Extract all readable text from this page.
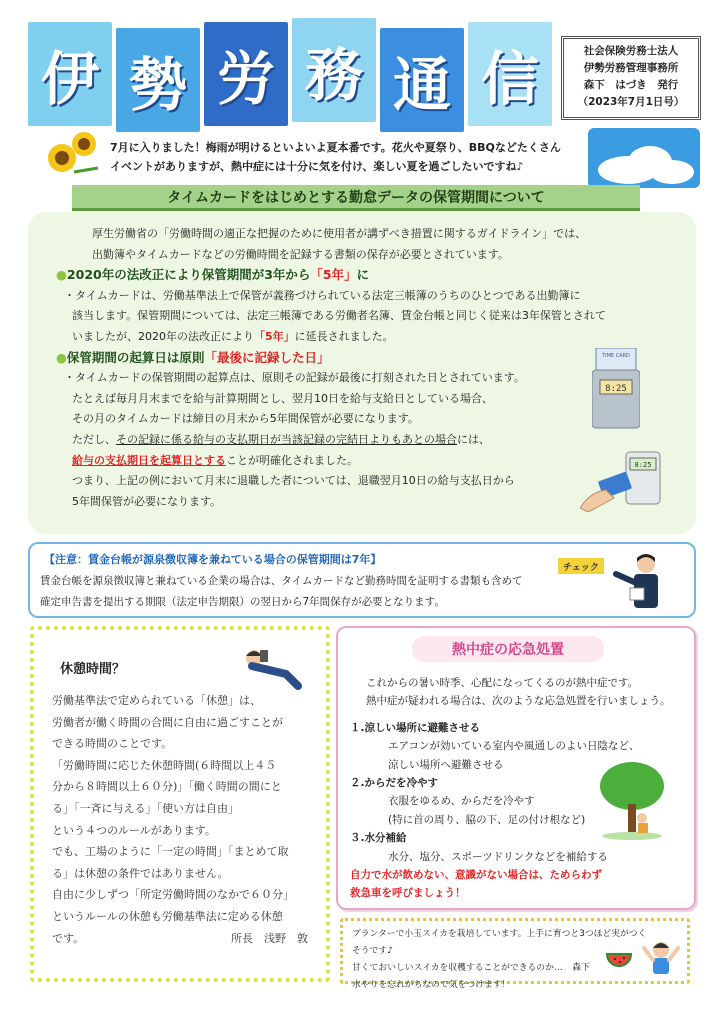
伊 勢 労 務 通 信	社会保険労務士法人
伊勢労務管理事務所
森下　はづき　発行
（2023年7月1日号）
7月に入りました！梅雨が明けるといよいよ夏本番です。花火や夏祭り、BBQなどたくさん
イベントがありますが、熱中症には十分に気を付け、楽しい夏を過ごしたいですね♪
タイムカードをはじめとする勤怠データの保管期間について

厚生労働省の「労働時間の適正な把握のために使用者が講ずべき措置に関するガイドライン」では、

出勤簿やタイムカードなどの労働時間を記録する書類の保存が必要とされています。

●2020年の法改正により保管期間が3年から「5年」に

・タイムカードは、労働基準法上で保管が義務づけられている法定三帳簿のうちのひとつである出勤簿に

該当します。保管期間については、法定三帳簿である労働者名簿、賃金台帳と同じく従来は3年保管とされて

いましたが、2020年の法改正により「5年」に延長されました。

●保管期間の起算日は原則「最後に記録した日」

・タイムカードの保管期間の起算点は、原則その記録が最後に打刻された日とされています。

たとえば毎月月末までを給与計算期間とし、翌月10日を給与支給日としている場合、

その月のタイムカードは締日の月末から5年間保管が必要になります。

ただし、その記録に係る給与の支払期日が当該記録の完結日よりもあとの場合には、

給与の支払期日を起算日とすることが明確化されました。

つまり、上記の例において月末に退職した者については、退職翌月10日の給与支払日から

5年間保管が必要になります。

TIME CARD
8:25
8:25
【注意：賃金台帳が源泉徴収簿を兼ねている場合の保管期間は7年】
賃金台帳を源泉徴収簿と兼ねている企業の場合は、タイムカードなど勤務時間を証明する書類も含めて
確定申告書を提出する期限（法定申告期限）の翌日から7年間保存が必要となります。
チェック
休憩時間？
労働基準法で定められている「休憩」は、
労働者が働く時間の合間に自由に過ごすことが
できる時間のことです。
「労働時間に応じた休憩時間(６時間以上４５
分から８時間以上６０分)」「働く時間の間にと
る」「一斉に与える」「使い方は自由」
という４つのルールがあります。
でも、工場のように「一定の時間」「まとめて取
る」は休憩の条件ではありません。
自由に少しずつ「所定労働時間のなかで６０分」
というルールの休憩も労働基準法に定める休憩
です。	所長　浅野　敦
熱中症の応急処置
これからの暑い時季、心配になってくるのが熱中症です。
熱中症が疑われる場合は、次のような応急処置を行いましょう。
１.涼しい場所に避難させる
エアコンが効いている室内や風通しのよい日陰など、
涼しい場所へ避難させる
２.からだを冷やす
衣服をゆるめ、からだを冷やす
(特に首の周り、脇の下、足の付け根など)
３.水分補給
水分、塩分、スポーツドリンクなどを補給する
自力で水が飲めない、意識がない場合は、ためらわず
救急車を呼びましょう！
プランターで小玉スイカを栽培しています。上手に育つと3つほど実がつくそうです♪
甘くておいしいスイカを収穫することができるのか…
水やりを忘れがちなので気をつけます！
森下
